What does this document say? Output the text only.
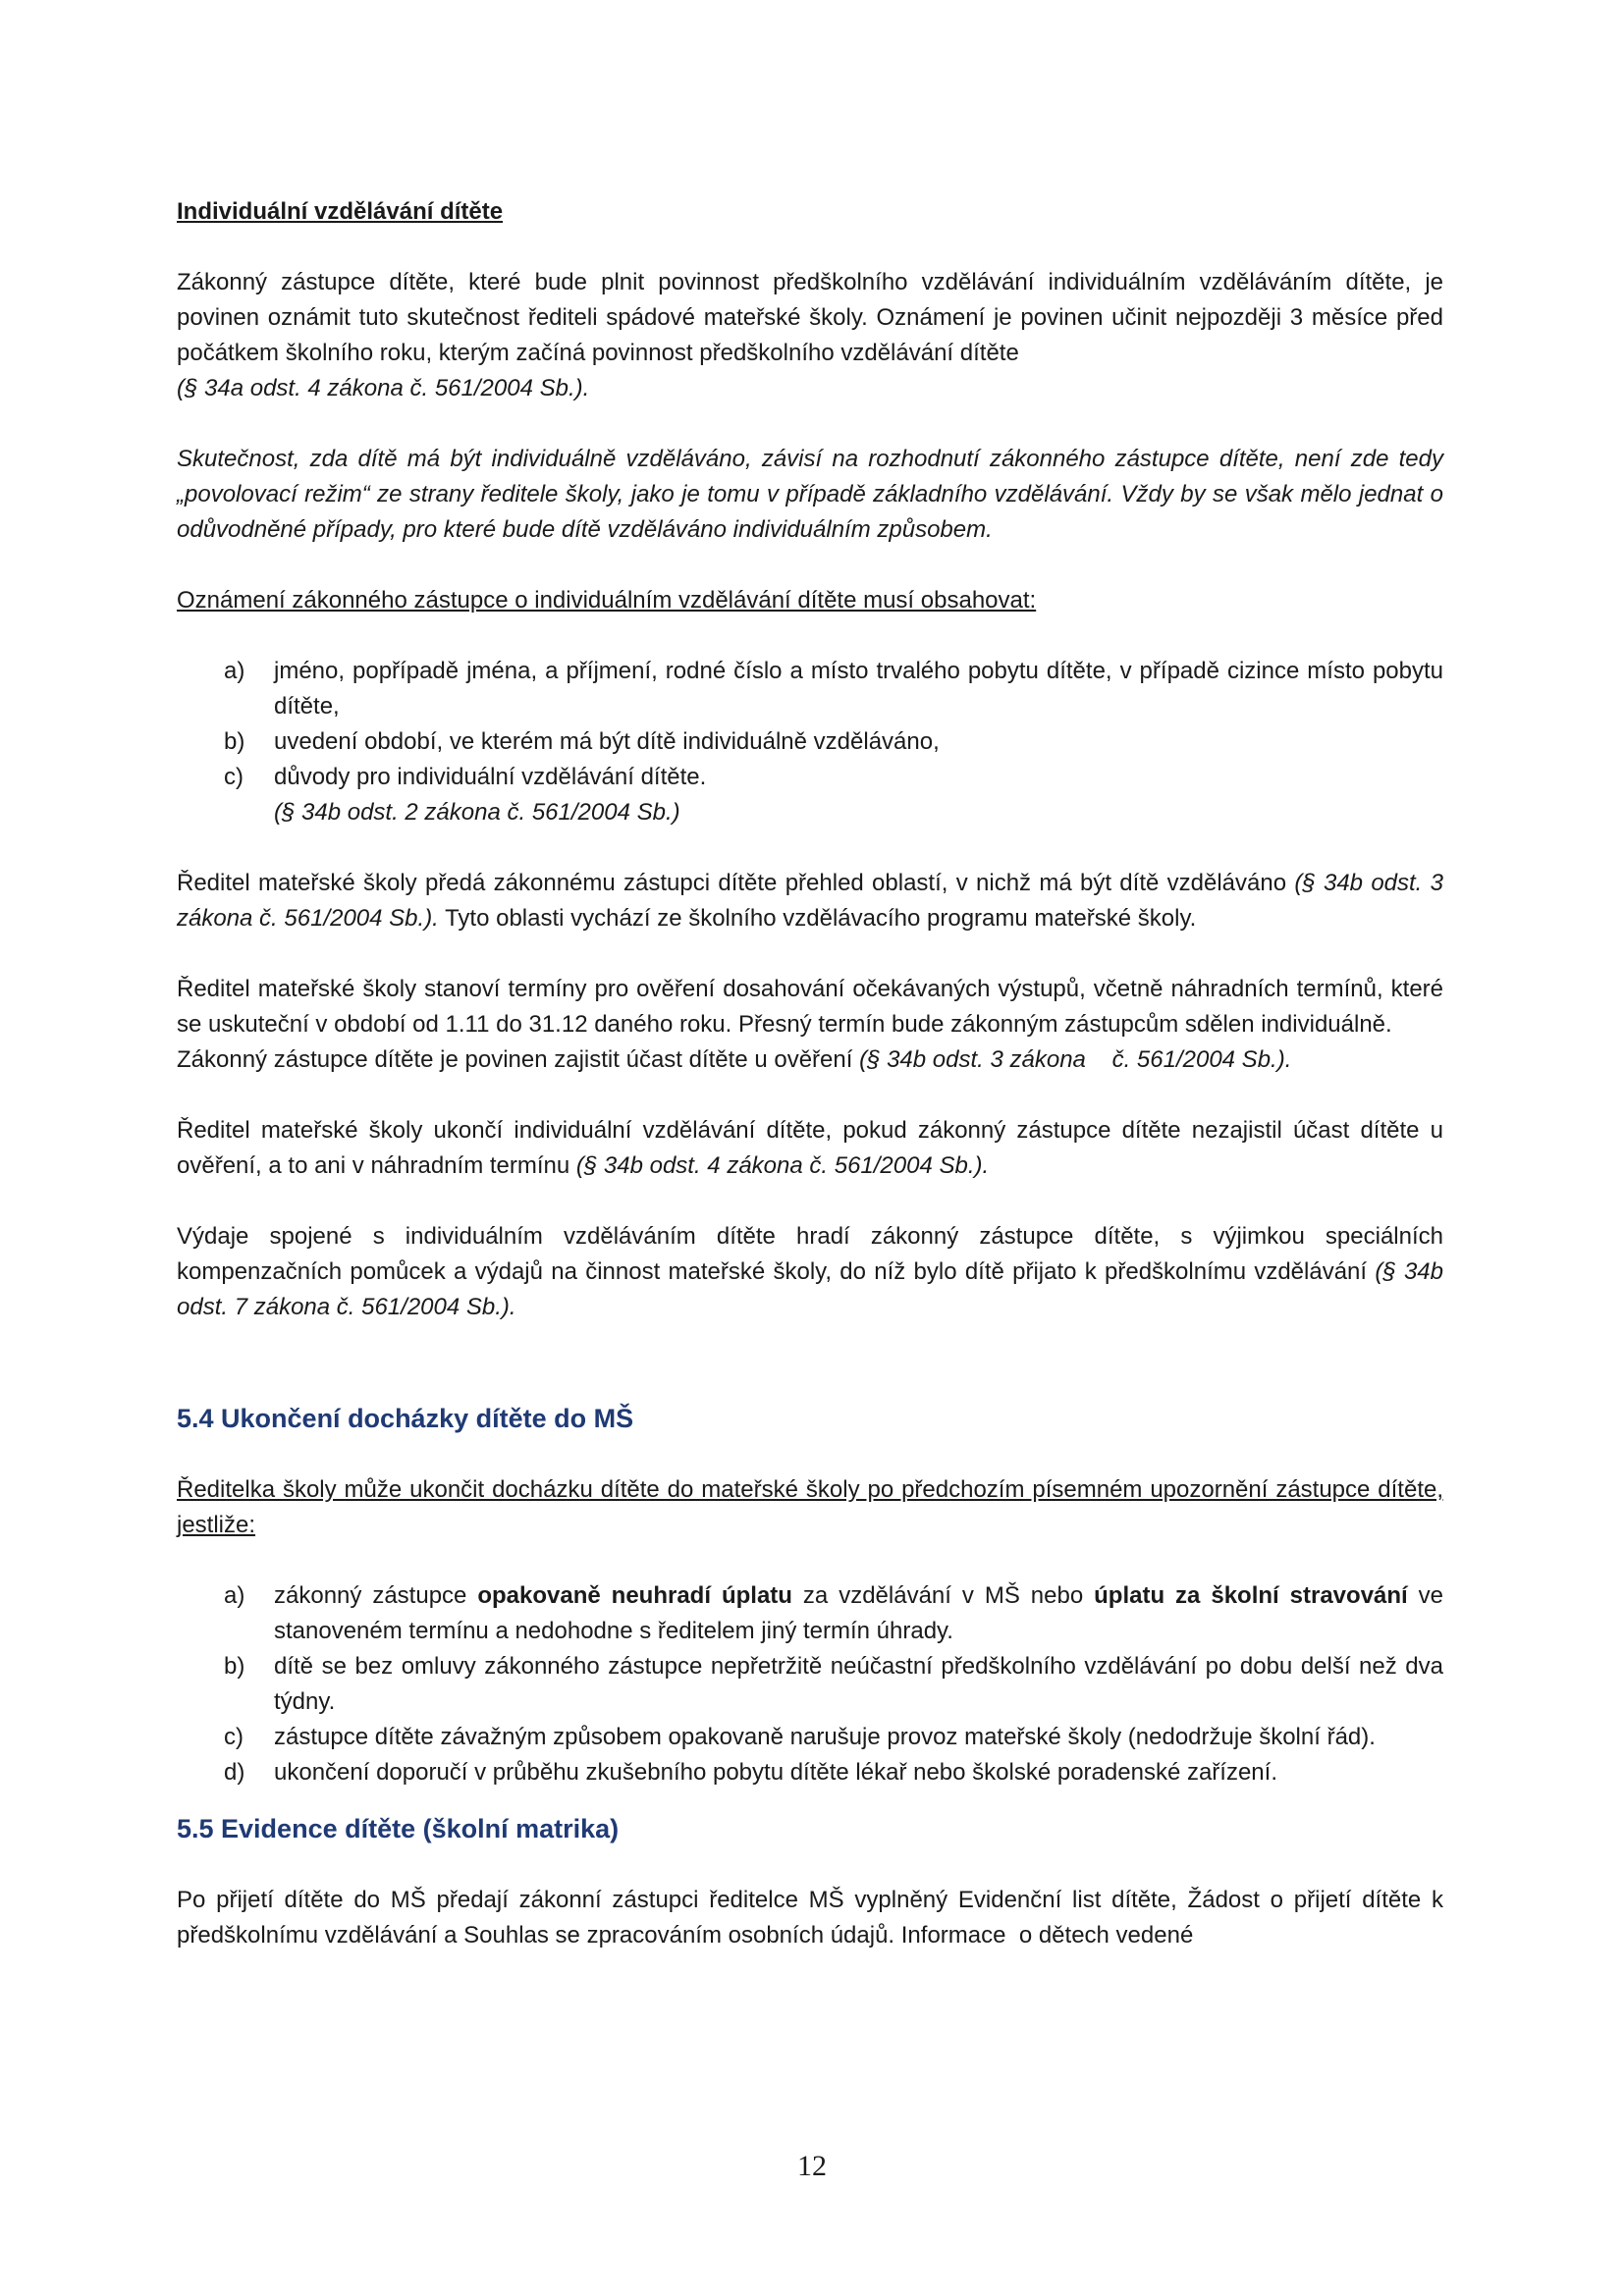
Individuální vzdělávání dítěte

Zákonný zástupce dítěte, které bude plnit povinnost předškolního vzdělávání individuálním vzděláváním dítěte, je povinen oznámit tuto skutečnost řediteli spádové mateřské školy. Oznámení je povinen učinit nejpozději 3 měsíce před počátkem školního roku, kterým začíná povinnost předškolního vzdělávání dítěte
(§ 34a odst. 4 zákona č. 561/2004 Sb.).

Skutečnost, zda dítě má být individuálně vzděláváno, závisí na rozhodnutí zákonného zástupce dítěte, není zde tedy „povolovací režim“ ze strany ředitele školy, jako je tomu v případě základního vzdělávání. Vždy by se však mělo jednat o odůvodněné případy, pro které bude dítě vzděláváno individuálním způsobem.

Oznámení zákonného zástupce o individuálním vzdělávání dítěte musí obsahovat:

a) jméno, popřípadě jména, a příjmení, rodné číslo a místo trvalého pobytu dítěte, v případě cizince místo pobytu dítěte,
b) uvedení období, ve kterém má být dítě individuálně vzděláváno,
c) důvody pro individuální vzdělávání dítěte.
(§ 34b odst. 2 zákona č. 561/2004 Sb.)

Ředitel mateřské školy předá zákonnému zástupci dítěte přehled oblastí, v nichž má být dítě vzděláváno (§ 34b odst. 3 zákona č. 561/2004 Sb.). Tyto oblasti vychází ze školního vzdělávacího programu mateřské školy.

Ředitel mateřské školy stanoví termíny pro ověření dosahování očekávaných výstupů, včetně náhradních termínů, které se uskuteční v období od 1.11 do 31.12 daného roku. Přesný termín bude zákonným zástupcům sdělen individuálně.

Zákonný zástupce dítěte je povinen zajistit účast dítěte u ověření (§ 34b odst. 3 zákona    č. 561/2004 Sb.).

Ředitel mateřské školy ukončí individuální vzdělávání dítěte, pokud zákonný zástupce dítěte nezajistil účast dítěte u ověření, a to ani v náhradním termínu (§ 34b odst. 4 zákona č. 561/2004 Sb.).

Výdaje spojené s individuálním vzděláváním dítěte hradí zákonný zástupce dítěte, s výjimkou speciálních kompenzačních pomůcek a výdajů na činnost mateřské školy, do níž bylo dítě přijato k předškolnímu vzdělávání (§ 34b odst. 7 zákona č. 561/2004 Sb.).

5.4 Ukončení docházky dítěte do MŠ

Ředitelka školy může ukončit docházku dítěte do mateřské školy po předchozím písemném upozornění zástupce dítěte, jestliže:

a) zákonný zástupce opakovaně neuhradí úplatu za vzdělávání v MŠ nebo úplatu za školní stravování ve stanoveném termínu a nedohodne s ředitelem jiný termín úhrady.
b) dítě se bez omluvy zákonného zástupce nepřetržitě neúčastní předškolního vzdělávání po dobu delší než dva týdny.
c) zástupce dítěte závažným způsobem opakovaně narušuje provoz mateřské školy (nedodržuje školní řád).
d) ukončení doporučí v průběhu zkušebního pobytu dítěte lékař nebo školské poradenské zařízení.

5.5 Evidence dítěte (školní matrika)

Po přijetí dítěte do MŠ předají zákonní zástupci ředitelce MŠ vyplněný Evidenční list dítěte, Žádost o přijetí dítěte k předškolnímu vzdělávání a Souhlas se zpracováním osobních údajů. Informace  o dětech vedené

12
